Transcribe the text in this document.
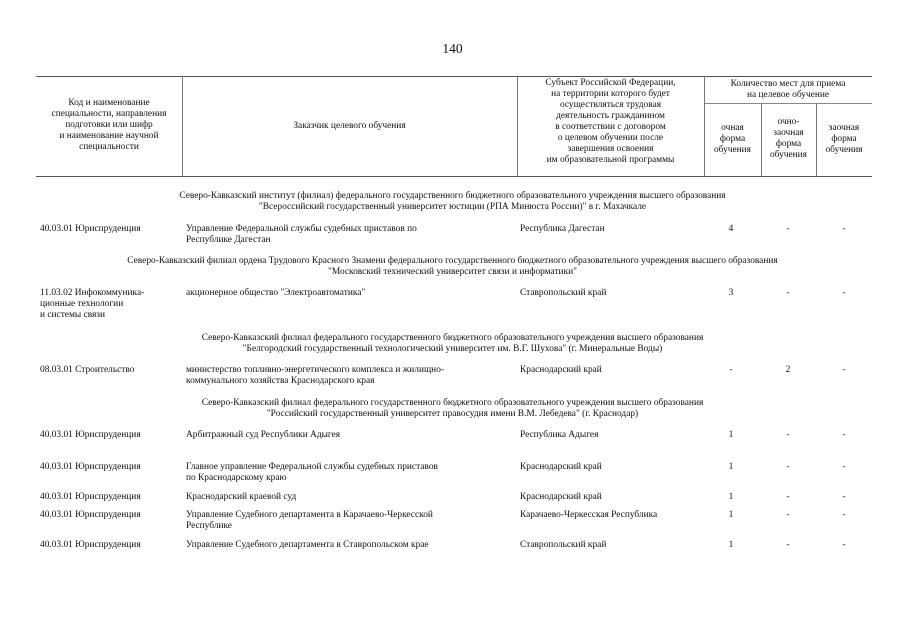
140
Код и наименование
специальности, направления
подготовки или шифр
и наименование научной
специальности
Заказчик целевого обучения
Субъект Российской Федерации,
на территории которого будет
осуществляться трудовая
деятельность гражданином
в соответствии с договором
о целевом обучении после
завершения освоения
им образовательной программы
Количество мест для приема
на целевое обучение
очная
форма
обучения
очно-
заочная
форма
обучения
заочная
форма
обучения
Северо-Кавказский институт (филиал) федерального государственного бюджетного образовательного учреждения высшего образования
"Всероссийский государственный университет юстиции (РПА Минюста России)" в г. Махачкале
40.03.01 Юриспруденция	Управление Федеральной службы судебных приставов по
Республике Дагестан
Республика Дагестан	4	-	-
Северо-Кавказский филиал ордена Трудового Красного Знамени федерального государственного бюджетного образовательного учреждения высшего образования
"Московский технический университет связи и информатики"
11.03.02 Инфокоммуника-
ционные технологии
и системы связи
акционерное общество "Электроавтоматика"	Ставропольский край	3	-	-
Северо-Кавказский филиал федерального государственного бюджетного образовательного учреждения высшего образования
"Белгородский государственный технологический университет им. В.Г. Шухова" (г. Минеральные Воды)
08.03.01 Строительство	министерство топливно-энергетического комплекса и жилищно-
коммунального хозяйства Краснодарского края
Краснодарский край	-	2	-
Северо-Кавказский филиал федерального государственного бюджетного образовательного учреждения высшего образования
"Российский государственный университет правосудия имени В.М. Лебедева" (г. Краснодар)
40.03.01 Юриспруденция	Арбитражный суд Республики Адыгея	Республика Адыгея	1	-	-
40.03.01 Юриспруденция	Главное управление Федеральной службы судебных приставов
по Краснодарскому краю
Краснодарский край	1	-	-
40.03.01 Юриспруденция	Краснодарский краевой суд	Краснодарский край	1	-	-
40.03.01 Юриспруденция	Управление Судебного департамента в Карачаево-Черкесской
Республике
Карачаево-Черкесская Республика	1	-	-
40.03.01 Юриспруденция	Управление Судебного департамента в Ставропольском крае	Ставропольский край	1	-	-
